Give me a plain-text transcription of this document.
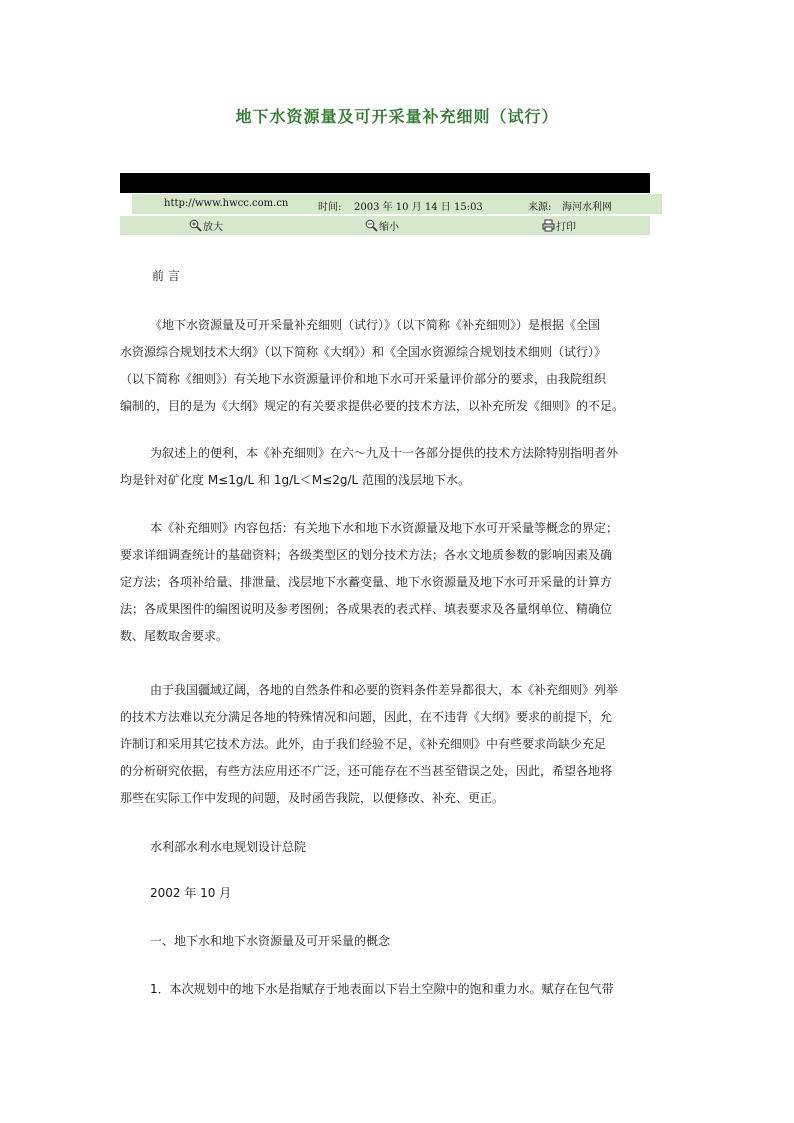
地下水资源量及可开采量补充细则（试行）
http://www.hwcc.com.cn	时间: 2003 年 10 月 14 日 15:03	来源: 海河水利网
放大	缩小	打印
前 言
《地下水资源量及可开采量补充细则（试行）》（以下简称《补充细则》）是根据《全国
水资源综合规划技术大纲》（以下简称《大纲》）和《全国水资源综合规划技术细则（试行）》
（以下简称《细则》）有关地下水资源量评价和地下水可开采量评价部分的要求，由我院组织
编制的，目的是为《大纲》规定的有关要求提供必要的技术方法，以补充所发《细则》的不足。
为叙述上的便利，本《补充细则》在六～九及十一各部分提供的技术方法除特别指明者外
均是针对矿化度 M≤1g/L 和 1g/L＜M≤2g/L 范围的浅层地下水。
本《补充细则》内容包括：有关地下水和地下水资源量及地下水可开采量等概念的界定；
要求详细调查统计的基础资料；各级类型区的划分技术方法；各水文地质参数的影响因素及确
定方法；各项补给量、排泄量、浅层地下水蓄变量、地下水资源量及地下水可开采量的计算方
法；各成果图件的编图说明及参考图例；各成果表的表式样、填表要求及各量纲单位、精确位
数、尾数取舍要求。
由于我国疆域辽阔，各地的自然条件和必要的资料条件差异都很大，本《补充细则》列举
的技术方法难以充分满足各地的特殊情况和问题，因此，在不违背《大纲》要求的前提下，允
许制订和采用其它技术方法。此外，由于我们经验不足，《补充细则》中有些要求尚缺少充足
的分析研究依据，有些方法应用还不广泛，还可能存在不当甚至错误之处，因此，希望各地将
那些在实际工作中发现的问题，及时函告我院，以便修改、补充、更正。
水利部水利水电规划设计总院
2002 年 10 月
一、地下水和地下水资源量及可开采量的概念
1．本次规划中的地下水是指赋存于地表面以下岩土空隙中的饱和重力水。赋存在包气带
